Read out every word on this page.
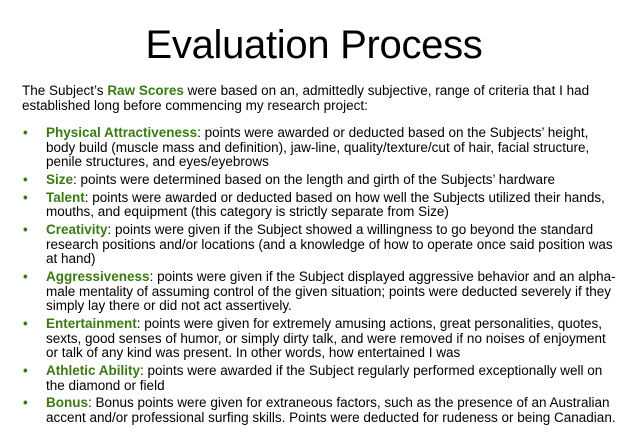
Evaluation Process
The Subject’s Raw Scores were based on an, admittedly subjective, range of criteria that I had established long before commencing my research project:
• Physical Attractiveness: points were awarded or deducted based on the Subjects’ height, body build (muscle mass and definition), jaw-line, quality/texture/cut of hair, facial structure, penile structures, and eyes/eyebrows
• Size: points were determined based on the length and girth of the Subjects’ hardware
• Talent: points were awarded or deducted based on how well the Subjects utilized their hands, mouths, and equipment (this category is strictly separate from Size)
• Creativity: points were given if the Subject showed a willingness to go beyond the standard research positions and/or locations (and a knowledge of how to operate once said position was at hand)
• Aggressiveness: points were given if the Subject displayed aggressive behavior and an alpha-male mentality of assuming control of the given situation; points were deducted severely if they simply lay there or did not act assertively.
• Entertainment: points were given for extremely amusing actions, great personalities, quotes, sexts, good senses of humor, or simply dirty talk, and were removed if no noises of enjoyment or talk of any kind was present. In other words, how entertained I was
• Athletic Ability: points were awarded if the Subject regularly performed exceptionally well on the diamond or field
• Bonus: Bonus points were given for extraneous factors, such as the presence of an Australian accent and/or professional surfing skills. Points were deducted for rudeness or being Canadian.
